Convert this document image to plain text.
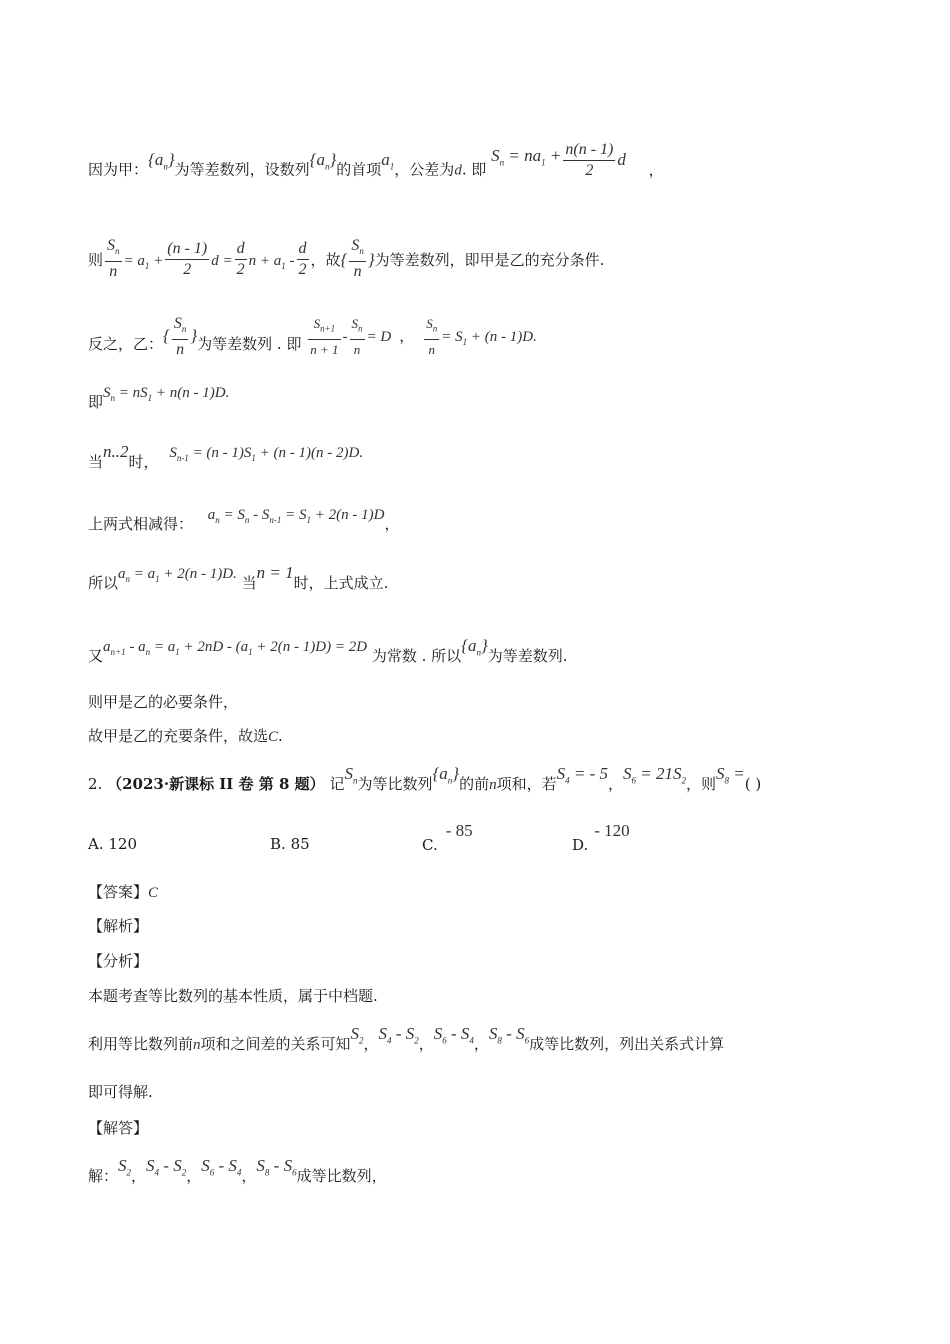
因为甲：$\{a_n\}$为等差数列，设数列$\{a_n\}$的首项$a_1$，公差为d. 即 $S_n = na_1 + \frac{n(n - 1)}{2}$ d ，
则 $\frac{S_n}{n} = a_1 + \frac{(n - 1)}{2}$ $d = \frac{d}{2}$ $n + a_1 - \frac{d}{2}$ ，故{ $\frac{S_n}{n}$ }为等差数列，即甲是乙的充分条件.
反之，乙：{ $\frac{S_n}{n}$ }为等差数列 . 即 $\frac{S_{n+1}}{n + 1} - \frac{S_n}{n} = D$ ， $\frac{S_n}{n} = S_1 + (n - 1)D$.
即$S_n = nS_1 + n(n - 1)D$.
当n..2时， $S_{n-1} = (n - 1)S_1 + (n - 1)(n - 2)D$.
上两式相减得： $a_n = S_n - S_{n-1} = S_1 + 2(n - 1)D$，
所以$a_n = a_1 + 2(n - 1)D$. 当n = 1时，上式成立.
又$a_{n+1} - a_n = a_1 + 2nD - (a_1 + 2(n - 1)D) = 2D$ 为常数 . 所以$\{a_n\}$为等差数列.
则甲是乙的必要条件，
故甲是乙的充要条件，故选C.
2. （2023·新课标 II 卷 第 8 题） 记$S_n$为等比数列$\{a_n\}$的前n项和，若$S_4$ = - 5，$S_6 = 21S_2$，则$S_8$ =( )
A. 120	B. 85	C.- 85
D.- 120
【答案】C
【解析】
【分析】
本题考查等比数列的基本性质，属于中档题.
利用等比数列前n项和之间差的关系可知$S_2$，$S_4 - S_2$，$S_6 - S_4$，$S_8 - S_6$成等比数列，列出关系式计算
即可得解.
【解答】
解：$S_2$，$S_4 - S_2$，$S_6 - S_4$，$S_8 - S_6$成等比数列，
